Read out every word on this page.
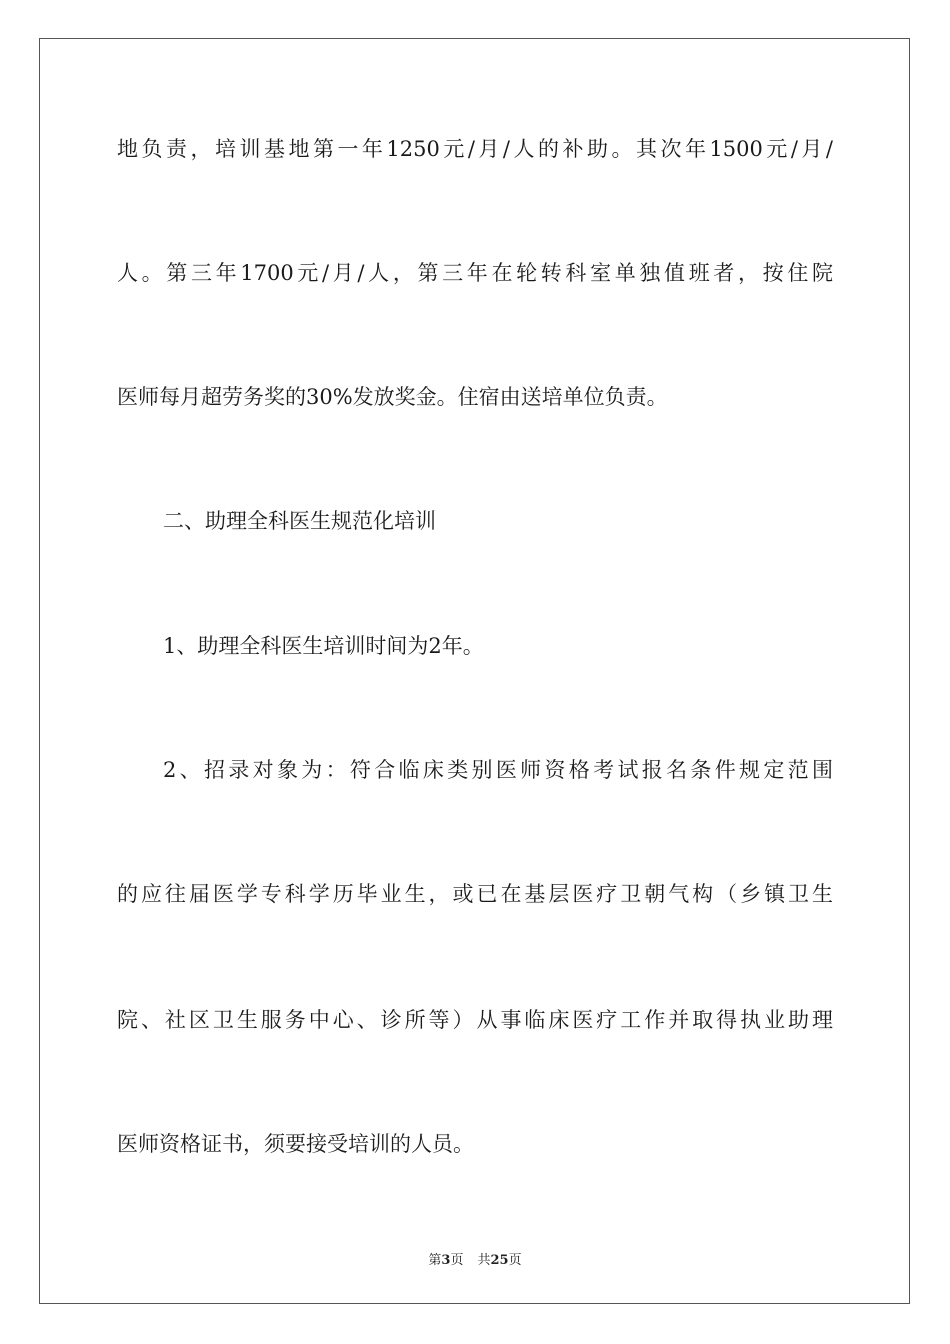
地负责，培训基地第一年1250元/月/人的补助。其次年1500元/月/
人。第三年1700元/月/人，第三年在轮转科室单独值班者，按住院
医师每月超劳务奖的30%发放奖金。住宿由送培单位负责。
二、助理全科医生规范化培训
1、助理全科医生培训时间为2年。
2、招录对象为：符合临床类别医师资格考试报名条件规定范围
的应往届医学专科学历毕业生，或已在基层医疗卫朝气构（乡镇卫生
院、社区卫生服务中心、诊所等）从事临床医疗工作并取得执业助理
医师资格证书，须要接受培训的人员。
第3页 共25页
